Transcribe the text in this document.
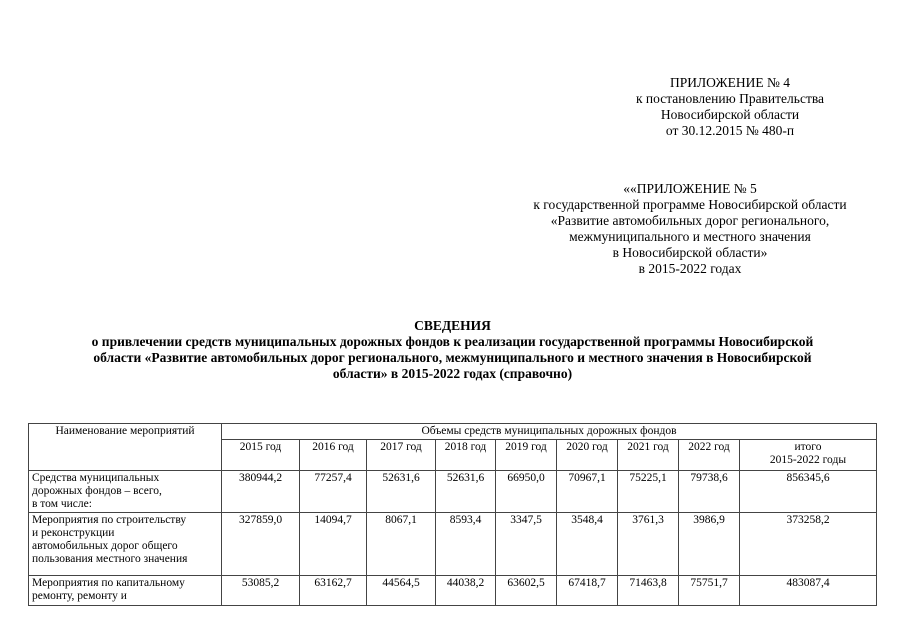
ПРИЛОЖЕНИЕ № 4
к постановлению Правительства
Новосибирской области
от 30.12.2015 № 480-п
««ПРИЛОЖЕНИЕ № 5
к государственной программе Новосибирской области
«Развитие автомобильных дорог регионального,
межмуниципального и местного значения
в Новосибирской области»
в 2015-2022 годах
СВЕДЕНИЯ
о привлечении средств муниципальных дорожных фондов к реализации государственной программы Новосибирской
области «Развитие автомобильных дорог регионального, межмуниципального и местного значения в Новосибирской
области» в 2015-2022 годах (справочно)
Наименование мероприятий	Объемы средств муниципальных дорожных фондов								
	2015 год	2016 год	2017 год	2018 год	2019 год	2020 год	2021 год	2022 год	итого
2015-2022 годы

Средства муниципальных
дорожных фондов – всего,
в том числе:	380944,2	77257,4	52631,6	52631,6	66950,0	70967,1	75225,1	79738,6	856345,6

Мероприятия по строительству
и реконструкции
автомобильных дорог общего
пользования местного значения	327859,0	14094,7	8067,1	8593,4	3347,5	3548,4	3761,3	3986,9	373258,2

Мероприятия по капитальному
ремонту, ремонту и	53085,2	63162,7	44564,5	44038,2	63602,5	67418,7	71463,8	75751,7	483087,4
